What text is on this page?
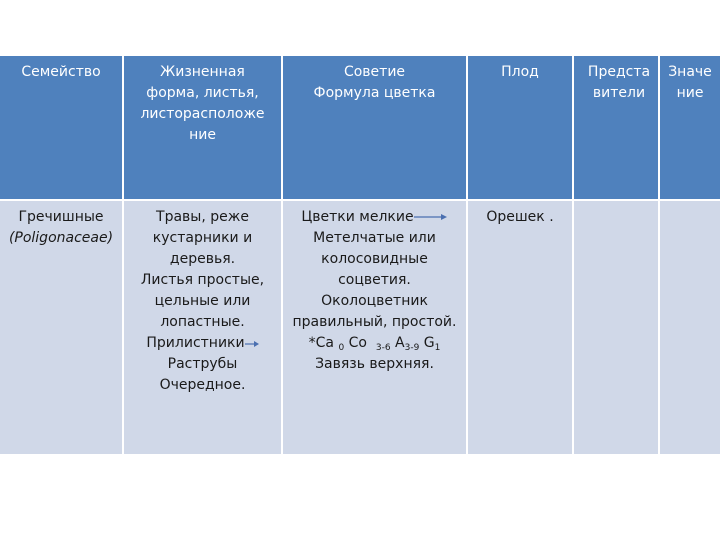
Семейство	Жизненная форма, листья, листорасположе ние
Советие
Формула цветка
Плод	Предста вители
Значе ние
Гречишные
(Poligonaceae)
Травы, реже
кустарники и
деревья.
Листья простые,
цельные или
лопастные.
Прилистники
Раструбы
Очередное.
Цветки мелкие
Метелчатые или
колосовидные
соцветия.
Околоцветник
правильный, простой.
*Са $_0$ Со $_{3-6}$ $А_{3-9}$ $G_1$
Завязь верхняя.
Орешек .
